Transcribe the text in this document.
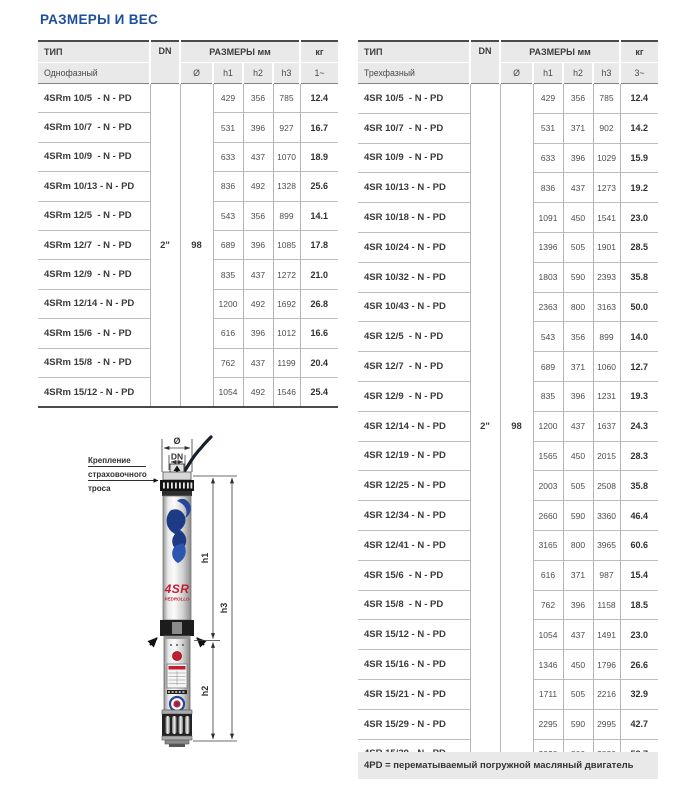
РАЗМЕРЫ И ВЕС
ТИП	DN	РАЗМЕРЫ мм				кг
Однофазный		Ø	h1	h2	h3	1~
4SRm 10/5  - N - PD	2"	98	429	356	785	12.4
4SRm 10/7  - N - PD			531	396	927	16.7
4SRm 10/9  - N - PD			633	437	1070	18.9
4SRm 10/13 - N - PD			836	492	1328	25.6
4SRm 12/5  - N - PD			543	356	899	14.1
4SRm 12/7  - N - PD			689	396	1085	17.8
4SRm 12/9  - N - PD			835	437	1272	21.0
4SRm 12/14 - N - PD			1200	492	1692	26.8
4SRm 15/6  - N - PD			616	396	1012	16.6
4SRm 15/8  - N - PD			762	437	1199	20.4
4SRm 15/12 - N - PD			1054	492	1546	25.4
ТИП	DN	РАЗМЕРЫ мм				кг
Трехфазный		Ø	h1	h2	h3	3~
4SR 10/5  - N - PD	2"	98	429	356	785	12.4
4SR 10/7  - N - PD			531	371	902	14.2
4SR 10/9  - N - PD			633	396	1029	15.9
4SR 10/13 - N - PD			836	437	1273	19.2
4SR 10/18 - N - PD			1091	450	1541	23.0
4SR 10/24 - N - PD			1396	505	1901	28.5
4SR 10/32 - N - PD			1803	590	2393	35.8
4SR 10/43 - N - PD			2363	800	3163	50.0
4SR 12/5  - N - PD			543	356	899	14.0
4SR 12/7  - N - PD			689	371	1060	12.7
4SR 12/9  - N - PD			835	396	1231	19.3
4SR 12/14 - N - PD			1200	437	1637	24.3
4SR 12/19 - N - PD			1565	450	2015	28.3
4SR 12/25 - N - PD			2003	505	2508	35.8
4SR 12/34 - N - PD			2660	590	3360	46.4
4SR 12/41 - N - PD			3165	800	3965	60.6
4SR 15/6  - N - PD			616	371	987	15.4
4SR 15/8  - N - PD			762	396	1158	18.5
4SR 15/12 - N - PD			1054	437	1491	23.0
4SR 15/16 - N - PD			1346	450	1796	26.6
4SR 15/21 - N - PD			1711	505	2216	32.9
4SR 15/29 - N - PD			2295	590	2995	42.7

4PD = перематываемый погружной масляный двигатель
Крепление
страховочного
троса
Ø
DN
4SR
PEDROLLO
h1
h2
h3
